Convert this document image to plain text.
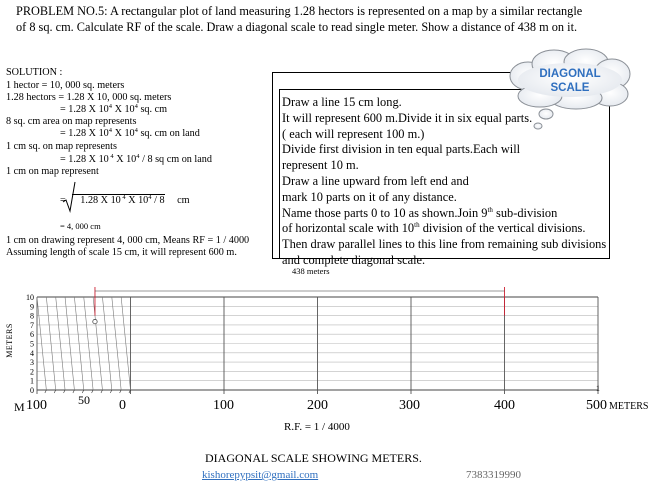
PROBLEM NO.5: A rectangular plot of land measuring 1.28 hectors is represented on a map by a similar rectangle
of 8 sq. cm. Calculate RF of the scale. Draw a diagonal scale to read single meter. Show a distance of 438 m on it.
SOLUTION :
1 hector = 10, 000 sq. meters
1.28 hectors = 1.28 X 10, 000 sq. meters
= 1.28 X $10^4$ X $10^4$ sq. cm
8 sq. cm area on map represents
= 1.28 X $10^4$ X $10^4$ sq. cm on land
1 cm sq. on map represents
= 1.28 X 10 $^4$ X $10^4 / 8$ sq cm on land
1 cm on map represent
= 1.28 X 10 $^4$ X $10^4 / 8$ cm
= 4, 000 cm
1 cm on drawing represent 4, 000 cm, Means RF = 1 / 4000
Assuming length of scale 15 cm, it will represent 600 m.
Draw a line 15 cm long.
It will represent 600 m.Divide it in six equal parts.
( each will represent 100 m.)
Divide first division in ten equal parts.Each will
represent 10 m.
Draw a line upward from left end and
mark 10 parts on it of any distance.
Name those parts 0 to 10 as shown.Join 9th sub-division
of horizontal scale with 10th division of the vertical divisions.
Then draw parallel lines to this line from remaining sub divisions
and complete diagonal scale.
DIAGONAL
SCALE
0
1
2
3
4
5
6
7
8
9
10
438 meters
METERS
M 100	50 0	100	200	300	400	500 METERS
1
R.F. = 1 / 4000
DIAGONAL SCALE SHOWING METERS.
kishorepypsit@gmail.com	7383319990
